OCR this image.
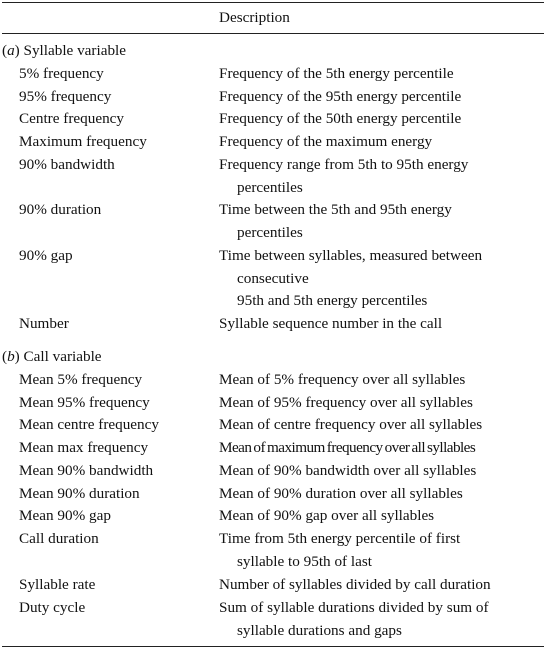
Description
(a) Syllable variable
5% frequency	Frequency of the 5th energy percentile
95% frequency	Frequency of the 95th energy percentile
Centre frequency	Frequency of the 50th energy percentile
Maximum frequency	Frequency of the maximum energy
90% bandwidth	Frequency range from 5th to 95th energy
percentiles
90% duration	Time between the 5th and 95th energy
percentiles
90% gap	Time between syllables, measured between
consecutive
95th and 5th energy percentiles
Number	Syllable sequence number in the call
(b) Call variable
Mean 5% frequency	Mean of 5% frequency over all syllables
Mean 95% frequency	Mean of 95% frequency over all syllables
Mean centre frequency	Mean of centre frequency over all syllables
Mean max frequency	Mean of maximum frequency over all syllables
Mean 90% bandwidth	Mean of 90% bandwidth over all syllables
Mean 90% duration	Mean of 90% duration over all syllables
Mean 90% gap	Mean of 90% gap over all syllables
Call duration	Time from 5th energy percentile of first
syllable to 95th of last
Syllable rate	Number of syllables divided by call duration
Duty cycle	Sum of syllable durations divided by sum of
syllable durations and gaps
